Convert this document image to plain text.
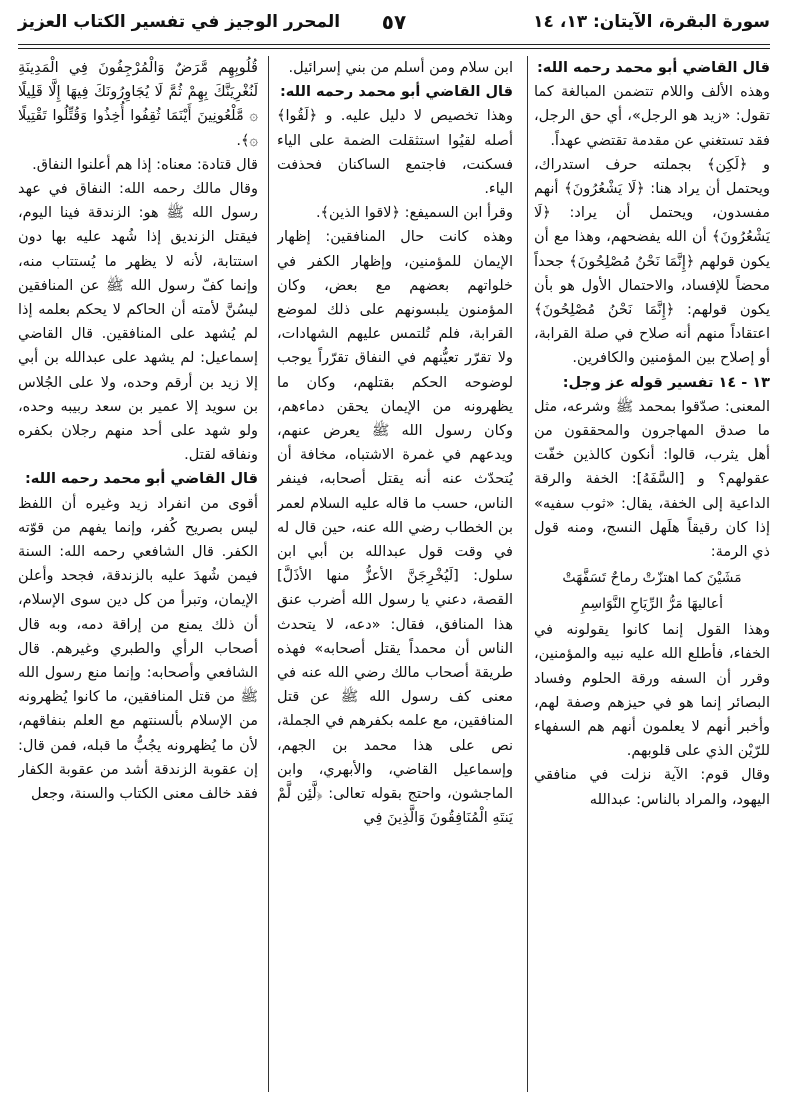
سورة البقرة، الآيتان: ١٣، ١٤
٥٧
المحرر الوجيز في تفسير الكتاب العزيز
قال القاضي أبو محمد رحمه الله:
وهذه الألف واللام تتضمن المبالغة كما تقول: «زيد هو الرجل»، أي حق الرجل، فقد تستغني عن مقدمة تقتضي عهداً.
و ﴿لَكِن﴾ بجملته حرف استدراك، ويحتمل أن يراد هنا: ﴿لَا يَشْعُرُونَ﴾ أنهم مفسدون، ويحتمل أن يراد: ﴿لَا يَشْعُرُونَ﴾ أن الله يفضحهم، وهذا مع أن يكون قولهم ﴿إِنَّمَا نَحْنُ مُصْلِحُونَ﴾ جحداً محضاً للإفساد، والاحتمال الأول هو بأن يكون قولهم: ﴿إِنَّمَا نَحْنُ مُصْلِحُونَ﴾ اعتقاداً منهم أنه صلاح في صلة القرابة، أو إصلاح بين المؤمنين والكافرين.
١٣ - ١٤ تفسير قوله عز وجل:
المعنى: صدّقوا بمحمد ﷺ وشرعه، مثل ما صدق المهاجرون والمحققون من أهل يثرب، قالوا: أنكون كالذين خفّت عقولهم؟ و [السَّفَهُ]: الخفة والرقة الداعية إلى الخفة، يقال: «ثوب سفيه» إذا كان رقيقاً هلَهل النسج، ومنه قول ذي الرمة:
مَشَيْنَ كما اهتزّتْ رماحٌ تَسَفَّهَتْ
أعاليهَا مَرُّ الرِّيَاحِ النَّوَاسِمِ
وهذا القول إنما كانوا يقولونه في الخفاء، فأطلع الله عليه نبيه والمؤمنين، وقرر أن السفه ورقة الحلوم وفساد البصائر إنما هو في حيزهم وصفة لهم، وأخبر أنهم لا يعلمون أنهم هم السفهاء للرّيْن الذي على قلوبهم.
وقال قوم: الآية نزلت في منافقي اليهود، والمراد بالناس: عبدالله
ابن سلام ومن أسلم من بني إسرائيل.
قال القاضي أبو محمد رحمه الله:
وهذا تخصيص لا دليل عليه. و ﴿لَقُوا﴾ أصله لقيُوا استثقلت الضمة على الياء فسكنت، فاجتمع الساكنان فحذفت الياء.
وقرأ ابن السميفع: ﴿لاقوا الذين﴾.
وهذه كانت حال المنافقين: إظهار الإيمان للمؤمنين، وإظهار الكفر في خلواتهم بعضهم مع بعض، وكان المؤمنون يلبسونهم على ذلك لموضع القرابة، فلم تُلتمس عليهم الشهادات، ولا تقرّر تعيُّنهم في النفاق تقرّراً يوجب لوضوحه الحكم بقتلهم، وكان ما يظهرونه من الإيمان يحقن دماءهم، وكان رسول الله ﷺ يعرض عنهم، ويدعهم في غمرة الاشتباه، مخافة أن يُتحدّث عنه أنه يقتل أصحابه، فينفر الناس، حسب ما قاله عليه السلام لعمر بن الخطاب رضي الله عنه، حين قال له في وقت قول عبدالله بن أبي ابن سلول: [لَيُخْرِجَنَّ الأعزُّ منها الأذَلَّ] القصة، دعني يا رسول الله أضرب عنق هذا المنافق، فقال: «دعه، لا يتحدث الناس أن محمداً يقتل أصحابه» فهذه طريقة أصحاب مالك رضي الله عنه في معنى كف رسول الله ﷺ عن قتل المنافقين، مع علمه بكفرهم في الجملة، نص على هذا محمد بن الجهم، وإسماعيل القاضي، والأبهري، وابن الماجشون، واحتج بقوله تعالى: ﴿لَّئِن لَّمْ يَنتَهِ الْمُنَافِقُونَ وَالَّذِينَ فِي
قُلُوبِهِم مَّرَضٌ وَالْمُرْجِفُونَ فِي الْمَدِينَةِ لَنُغْرِيَنَّكَ بِهِمْ ثُمَّ لَا يُجَاوِرُونَكَ فِيهَا إِلَّا قَلِيلًا ۞ مَّلْعُونِينَ أَيْنَمَا ثُقِفُوا أُخِذُوا وَقُتِّلُوا تَقْتِيلًا ۞﴾.
قال قتادة: معناه: إذا هم أعلنوا النفاق.
وقال مالك رحمه الله: النفاق في عهد رسول الله ﷺ هو: الزندقة فينا اليوم، فيقتل الزنديق إذا شُهد عليه بها دون استتابة، لأنه لا يظهر ما يُستتاب منه، وإنما كفّ رسول الله ﷺ عن المنافقين ليسُنَّ لأمته أن الحاكم لا يحكم بعلمه إذا لم يُشهد على المنافقين. قال القاضي إسماعيل: لم يشهد على عبدالله بن أبي إلا زيد بن أرقم وحده، ولا على الجُلاس بن سويد إلا عمير بن سعد ربيبه وحده، ولو شهد على أحد منهم رجلان بكفره ونفاقه لقتل.
قال القاضي أبو محمد رحمه الله:
أقوى من انفراد زيد وغيره أن اللفظ ليس بصريح كُفر، وإنما يفهم من قوّته الكفر. قال الشافعي رحمه الله: السنة فيمن شُهدَ عليه بالزندقة، فجحد وأعلن الإيمان، وتبرأ من كل دين سوى الإسلام، أن ذلك يمنع من إراقة دمه، وبه قال أصحاب الرأي والطبري وغيرهم. قال الشافعي وأصحابه: وإنما منع رسول الله ﷺ من قتل المنافقين، ما كانوا يُظهرونه من الإسلام بألسنتهم مع العلم بنفاقهم، لأن ما يُظهرونه يجُبُّ ما قبله، فمن قال: إن عقوبة الزندقة أشد من عقوبة الكفار فقد خالف معنى الكتاب والسنة، وجعل
